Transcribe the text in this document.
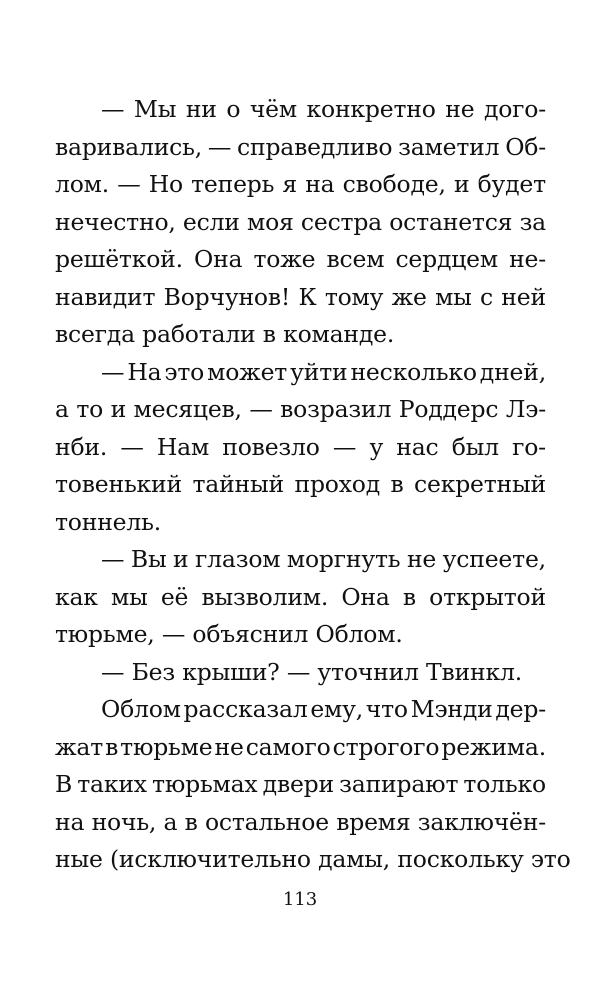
— Мы ни о чём конкретно не дого-
варивались, — справедливо заметил Об-
лом. — Но теперь я на свободе, и будет
нечестно, если моя сестра останется за
решёткой. Она тоже всем сердцем не-
навидит Ворчунов! К тому же мы с ней
всегда работали в команде.
— На это может уйти несколько дней,
а то и месяцев, — возразил Роддерс Лэ-
нби. — Нам повезло — у нас был го-
товенький тайный проход в секретный
тоннель.
— Вы и глазом моргнуть не успеете,
как мы её вызволим. Она в открытой
тюрьме, — объяснил Облом.
— Без крыши? — уточнил Твинкл.
Облом рассказал ему, что Мэнди дер-
жат в тюрьме не самого строгого режима.
В таких тюрьмах двери запирают только
на ночь, а в остальное время заключён-
ные (исключительно дамы, поскольку это
113
